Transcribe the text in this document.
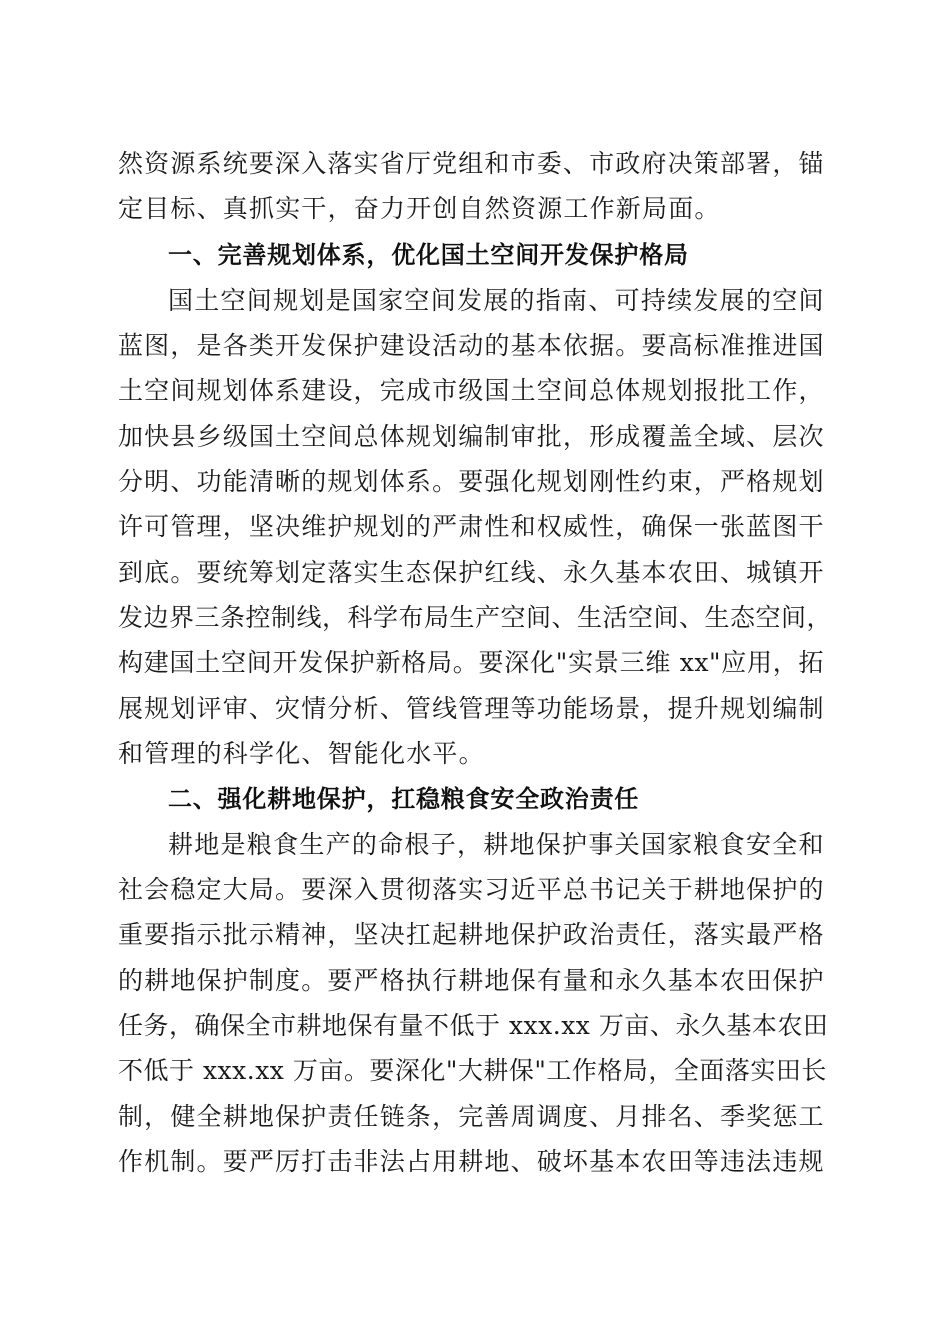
然资源系统要深入落实省厅党组和市委、市政府决策部署，锚
定目标、真抓实干，奋力开创自然资源工作新局面。
一、完善规划体系，优化国土空间开发保护格局
国土空间规划是国家空间发展的指南、可持续发展的空间
蓝图，是各类开发保护建设活动的基本依据。要高标准推进国
土空间规划体系建设，完成市级国土空间总体规划报批工作，
加快县乡级国土空间总体规划编制审批，形成覆盖全域、层次
分明、功能清晰的规划体系。要强化规划刚性约束，严格规划
许可管理，坚决维护规划的严肃性和权威性，确保一张蓝图干
到底。要统筹划定落实生态保护红线、永久基本农田、城镇开
发边界三条控制线，科学布局生产空间、生活空间、生态空间，
构建国土空间开发保护新格局。要深化"实景三维 xx"应用，拓
展规划评审、灾情分析、管线管理等功能场景，提升规划编制
和管理的科学化、智能化水平。
二、强化耕地保护，扛稳粮食安全政治责任
耕地是粮食生产的命根子，耕地保护事关国家粮食安全和
社会稳定大局。要深入贯彻落实习近平总书记关于耕地保护的
重要指示批示精神，坚决扛起耕地保护政治责任，落实最严格
的耕地保护制度。要严格执行耕地保有量和永久基本农田保护
任务，确保全市耕地保有量不低于 xxx.xx 万亩、永久基本农田
不低于 xxx.xx 万亩。要深化"大耕保"工作格局，全面落实田长
制，健全耕地保护责任链条，完善周调度、月排名、季奖惩工
作机制。要严厉打击非法占用耕地、破坏基本农田等违法违规
